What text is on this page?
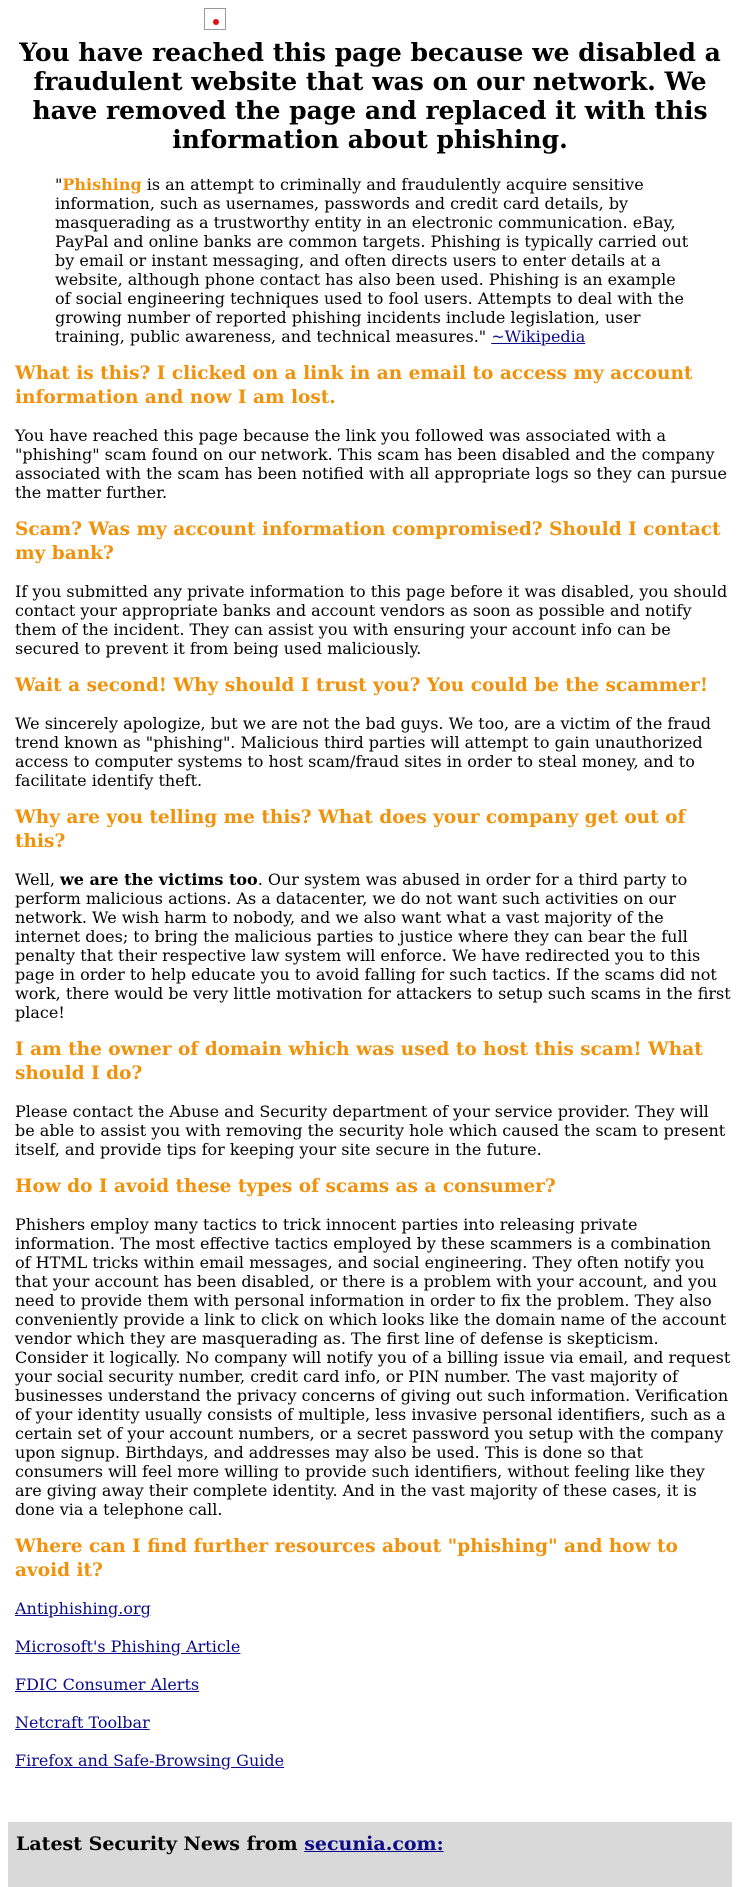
You have reached this page because we disabled a fraudulent website that was on our network. We have removed the page and replaced it with this information about phishing.

"Phishing is an attempt to criminally and fraudulently acquire sensitive information, such as usernames, passwords and credit card details, by masquerading as a trustworthy entity in an electronic communication. eBay, PayPal and online banks are common targets. Phishing is typically carried out by email or instant messaging, and often directs users to enter details at a website, although phone contact has also been used. Phishing is an example of social engineering techniques used to fool users. Attempts to deal with the growing number of reported phishing incidents include legislation, user training, public awareness, and technical measures." ~Wikipedia

What is this? I clicked on a link in an email to access my account information and now I am lost.

You have reached this page because the link you followed was associated with a "phishing" scam found on our network. This scam has been disabled and the company associated with the scam has been notified with all appropriate logs so they can pursue the matter further.

Scam? Was my account information compromised? Should I contact my bank?

If you submitted any private information to this page before it was disabled, you should contact your appropriate banks and account vendors as soon as possible and notify them of the incident. They can assist you with ensuring your account info can be secured to prevent it from being used maliciously.

Wait a second! Why should I trust you? You could be the scammer!

We sincerely apologize, but we are not the bad guys. We too, are a victim of the fraud trend known as "phishing". Malicious third parties will attempt to gain unauthorized access to computer systems to host scam/fraud sites in order to steal money, and to facilitate identify theft.

Why are you telling me this? What does your company get out of this?

Well, we are the victims too. Our system was abused in order for a third party to perform malicious actions. As a datacenter, we do not want such activities on our network. We wish harm to nobody, and we also want what a vast majority of the internet does; to bring the malicious parties to justice where they can bear the full penalty that their respective law system will enforce. We have redirected you to this page in order to help educate you to avoid falling for such tactics. If the scams did not work, there would be very little motivation for attackers to setup such scams in the first place!

I am the owner of domain which was used to host this scam! What should I do?

Please contact the Abuse and Security department of your service provider. They will be able to assist you with removing the security hole which caused the scam to present itself, and provide tips for keeping your site secure in the future.

How do I avoid these types of scams as a consumer?

Phishers employ many tactics to trick innocent parties into releasing private information. The most effective tactics employed by these scammers is a combination of HTML tricks within email messages, and social engineering. They often notify you that your account has been disabled, or there is a problem with your account, and you need to provide them with personal information in order to fix the problem. They also conveniently provide a link to click on which looks like the domain name of the account vendor which they are masquerading as. The first line of defense is skepticism. Consider it logically. No company will notify you of a billing issue via email, and request your social security number, credit card info, or PIN number. The vast majority of businesses understand the privacy concerns of giving out such information. Verification of your identity usually consists of multiple, less invasive personal identifiers, such as a certain set of your account numbers, or a secret password you setup with the company upon signup. Birthdays, and addresses may also be used. This is done so that consumers will feel more willing to provide such identifiers, without feeling like they are giving away their complete identity. And in the vast majority of these cases, it is done via a telephone call.

Where can I find further resources about "phishing" and how to avoid it?

Antiphishing.org

Microsoft's Phishing Article

FDIC Consumer Alerts

Netcraft Toolbar

Firefox and Safe-Browsing Guide

Latest Security News from secunia.com:
